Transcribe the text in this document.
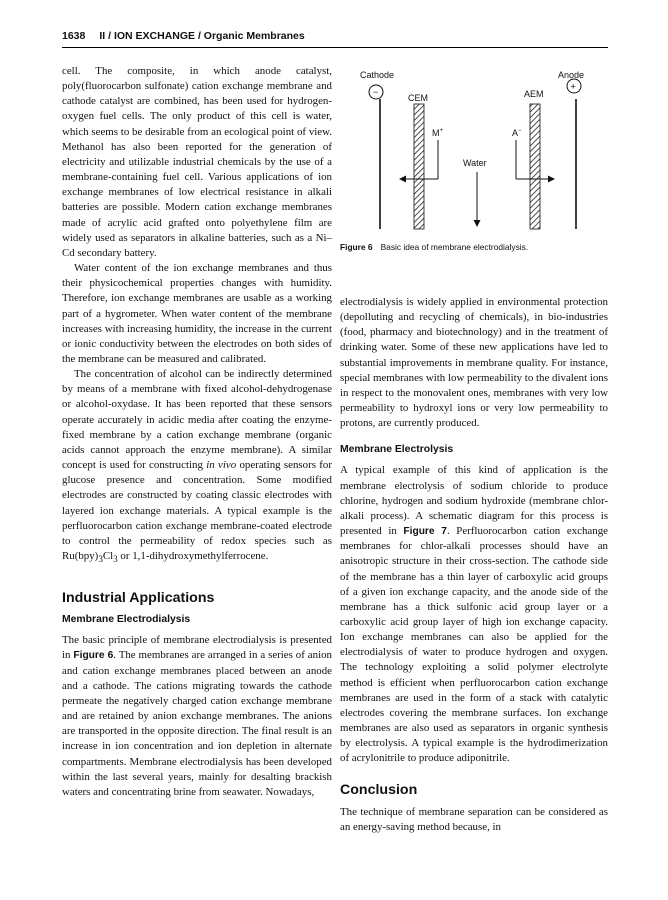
1638 II / ION EXCHANGE / Organic Membranes

cell. The composite, in which anode catalyst, poly(fluorocarbon sulfonate) cation exchange membrane and cathode catalyst are combined, has been used for hydrogen-oxygen fuel cells. The only product of this cell is water, which seems to be desirable from an ecological point of view. Methanol has also been reported for the generation of electricity and utilizable industrial chemicals by the use of a membrane-containing fuel cell. Various applications of ion exchange membranes of low electrical resistance in alkali batteries are possible. Modern cation exchange membranes made of acrylic acid grafted onto polyethylene film are widely used as separators in alkaline batteries, such as a Ni–Cd secondary battery.

Water content of the ion exchange membranes and thus their physicochemical properties changes with humidity. Therefore, ion exchange membranes are usable as a working part of a hygrometer. When water content of the membrane increases with increasing humidity, the increase in the current or ionic conductivity between the electrodes on both sides of the membrane can be measured and calibrated.

The concentration of alcohol can be indirectly determined by means of a membrane with fixed alcohol-dehydrogenase or alcohol-oxydase. It has been reported that these sensors operate accurately in acidic media after coating the enzyme-fixed membrane by a cation exchange membrane (organic acids cannot approach the enzyme membrane). A similar concept is used for constructing in vivo operating sensors for glucose presence and concentration. Some modified electrodes are constructed by coating classic electrodes with layered ion exchange materials. A typical example is the perfluorocarbon cation exchange membrane-coated electrode to control the permeability of redox species such as $Ru(bpy)_3Cl_3$ or 1,1-dihydroxymethylferrocene.

Industrial Applications
Membrane Electrodialysis

The basic principle of membrane electrodialysis is presented in Figure 6. The membranes are arranged in a series of anion and cation exchange membranes placed between an anode and a cathode. The cations migrating towards the cathode permeate the negatively charged cation exchange membrane and are retained by anion exchange membranes. The anions are transported in the opposite direction. The final result is an increase in ion concentration and ion depletion in alternate compartments. Membrane electrodialysis has been developed within the last several years, mainly for desalting brackish waters and concentrating brine from seawater. Nowadays,

Cathode	Anode
−
+
CEM	AEM
M+	A−
Water
Figure 6 Basic idea of membrane electrodialysis.

electrodialysis is widely applied in environmental protection (depolluting and recycling of chemicals), in bio-industries (food, pharmacy and biotechnology) and in the treatment of drinking water. Some of these new applications have led to substantial improvements in membrane quality. For instance, special membranes with low permeability to the divalent ions in respect to the monovalent ones, membranes with very low permeability to hydroxyl ions or very low permeability to protons, are currently produced.

Membrane Electrolysis

A typical example of this kind of application is the membrane electrolysis of sodium chloride to produce chlorine, hydrogen and sodium hydroxide (membrane chlor-alkali process). A schematic diagram for this process is presented in Figure 7. Perfluorocarbon cation exchange membranes for chlor-alkali processes should have an anisotropic structure in their cross-section. The cathode side of the membrane has a thin layer of carboxylic acid groups of a given ion exchange capacity, and the anode side of the membrane has a thick sulfonic acid group layer or a carboxylic acid group layer of high ion exchange capacity. Ion exchange membranes can also be applied for the electrodialysis of water to produce hydrogen and oxygen. The technology exploiting a solid polymer electrolyte method is efficient when perfluorocarbon cation exchange membranes are used in the form of a stack with catalytic electrodes covering the membrane surfaces. Ion exchange membranes are also used as separators in organic synthesis by electrolysis. A typical example is the hydrodimerization of acrylonitrile to produce adiponitrile.

Conclusion

The technique of membrane separation can be considered as an energy-saving method because, in
